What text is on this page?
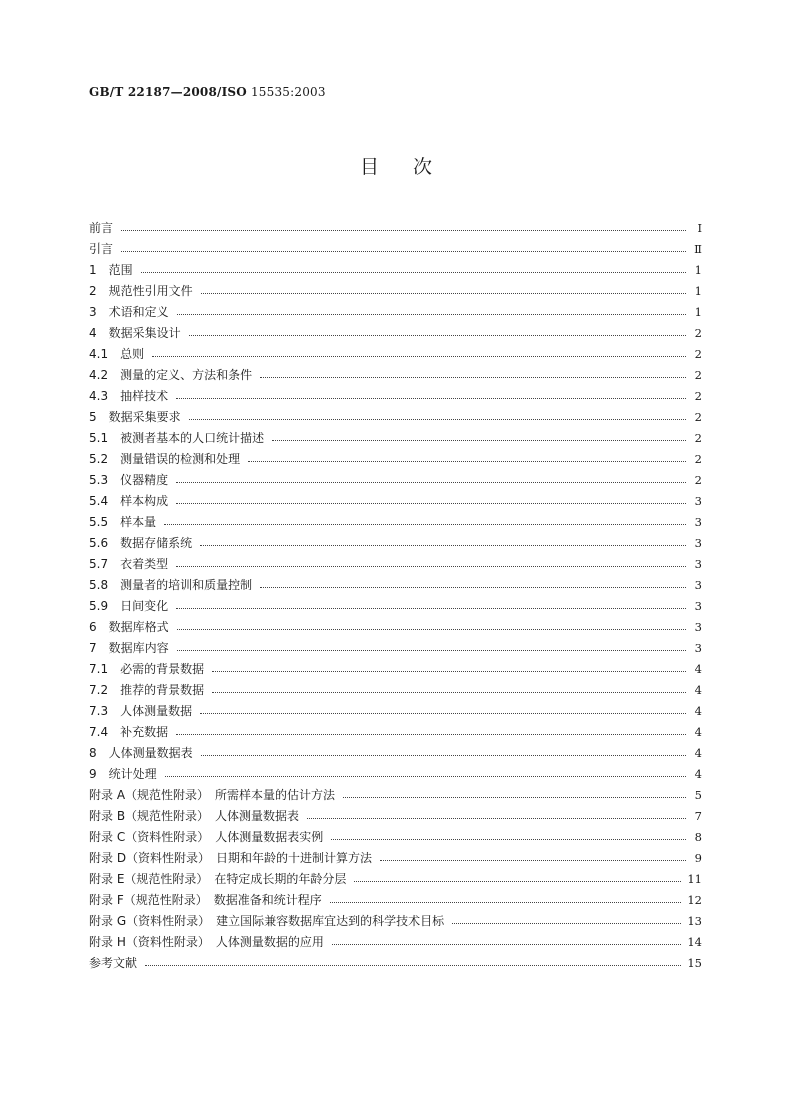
GB/T 22187—2008/ISO 15535:2003
目次
前言	I
引言	Ⅱ
1　范围	1
2　规范性引用文件	1
3　术语和定义	1
4　数据采集设计	2
4.1　总则	2
4.2　测量的定义、方法和条件	2
4.3　抽样技术	2
5　数据采集要求	2
5.1　被测者基本的人口统计描述	2
5.2　测量错误的检测和处理	2
5.3　仪器精度	2
5.4　样本构成	3
5.5　样本量	3
5.6　数据存储系统	3
5.7　衣着类型	3
5.8　测量者的培训和质量控制	3
5.9　日间变化	3
6　数据库格式	3
7　数据库内容	3
7.1　必需的背景数据	4
7.2　推荐的背景数据	4
7.3　人体测量数据	4
7.4　补充数据	4
8　人体测量数据表	4
9　统计处理	4
附录 A（规范性附录）　所需样本量的估计方法	5
附录 B（规范性附录）　人体测量数据表	7
附录 C（资料性附录）　人体测量数据表实例	8
附录 D（资料性附录）　日期和年龄的十进制计算方法	9
附录 E（规范性附录）　在特定成长期的年龄分层	11
附录 F（规范性附录）　数据准备和统计程序	12
附录 G（资料性附录）　建立国际兼容数据库宜达到的科学技术目标	13
附录 H（资料性附录）　人体测量数据的应用	14
参考文献	15
